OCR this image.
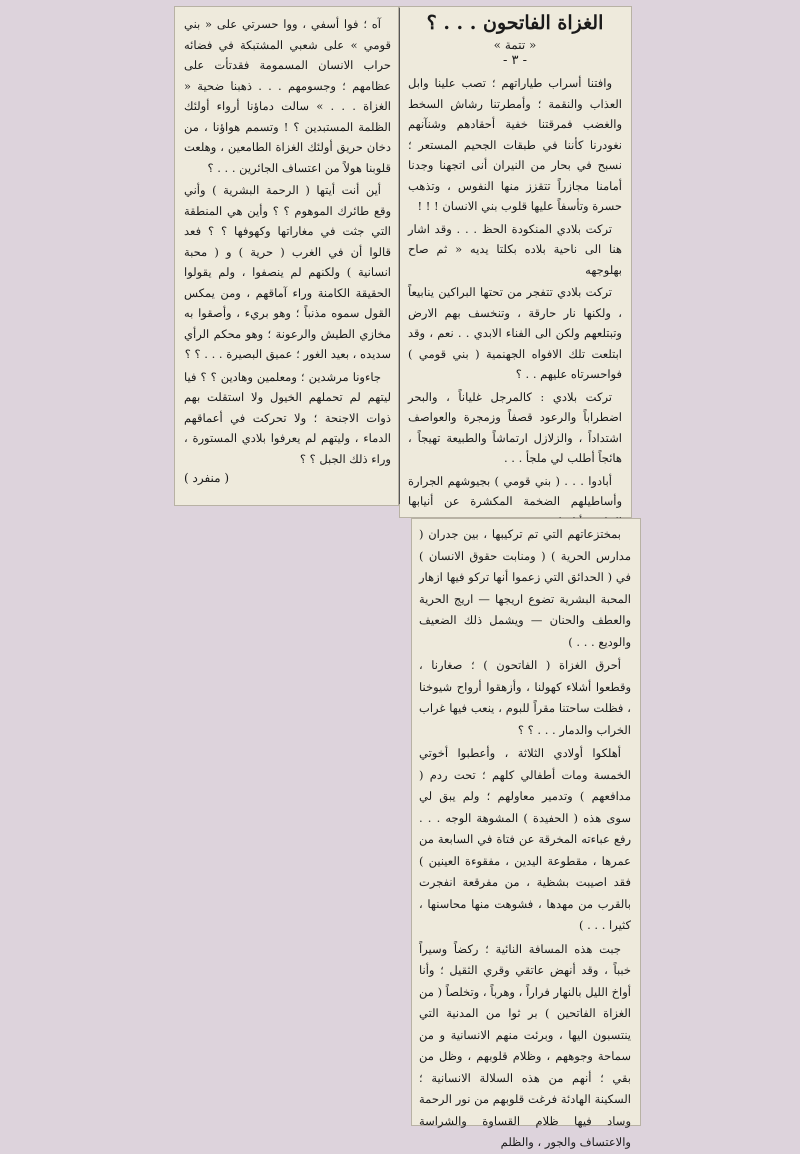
الغزاة الفاتحون . . . ؟
« تتمة »
- ٣ -

وافتنا أسراب طياراتهم ؛ تصب علينا وابل العذاب والنقمة ؛ وأمطرتنا رشاش السخط والغضب فمرقتنا خفية أحقادهم وشنآنهم نغودرنا كأننا في طبقات الجحيم المستعر ؛ نسبح في بحار من النيران أنى اتجهنا وجدنا أمامنا مجازراً تتقزز منها النفوس ، وتذهب حسرة وتأسفاً عليها قلوب بني الانسان ! ! !

تركت بلادي المنكودة الحظ . . . وقد اشار هنا الى ناحية بلاده بكلتا يديه « ثم صاح بهلوجهه

تركت بلادي تتفجر من تحتها البراكين ينابيعاً ، ولكنها نار حارقة ، وتنخسف بهم الارض وتبتلعهم ولكن الى الفناء الابدي . . نعم ، وقد ابتلعت تلك الافواه الجهنمية ( بني قومي ) فواحسرتاه عليهم . . ؟

تركت بلادي : كالمرجل غلياناً ، والبحر اضطراباً والرعود قصفاً وزمجرة والعواصف اشتداداً ، والزلازل ارتماشاً والطبيعة تهيجاً ، هائجاً أطلب لي ملجأ . . .

أبادوا . . . ( بني قومي ) بجيوشهم الجرارة وأساطيلهم الضخمة المكشرة عن أنيابها

آه ؛ فوا أسفي ، ووا حسرتي على « بني قومي » على شعبي المشتبكة في فضائه حراب الانسان المسمومة فقدتأت على عظامهم ؛ وجسومهم . . . ذهبنا ضحية « الغزاة . . . » سالت دماؤنا أرواء أولئك الظلمة المستبدين ؟ ! وتسمم هواؤنا ، من دخان حريق أولئك الغزاة الطامعين ، وهلعت قلوبنا هولاً من اعتساف الجائرين . . . ؟

أين أنت أيتها ( الرحمة البشرية ) وأني وقع طائرك الموهوم ؟ ؟ وأين هي المنطقة التي جثت في مغاراتها وكهوفها ؟ ؟ فعد قالوا أن في الغرب ( حرية ) و ( محبة انسانية ) ولكنهم لم ينصفوا ، ولم يقولوا الحقيقة الكامنة وراء آماقهم ، ومن يمكس القول سموه مذنباً ؛ وهو بريء ، وأصقوا به مخازي الطيش والرعونة ؛ وهو محكم الرأي سديده ، بعيد الغور ؛ عميق البصيرة . . . ؟ ؟

جاءونا مرشدين ؛ ومعلمين وهادين ؟ ؟ فيا ليتهم لم تحملهم الخيول ولا استقلت بهم ذوات الاجنحة ؛ ولا تحركت في أعماقهم الدماء ، وليتهم لم يعرفوا بلادي المستورة ، وراء ذلك الجبل ؟ ؟

( منفرد )

بمختزعاتهم التي تم تركيبها ، بين جدران ( مدارس الحرية ) ( ومنابت حقوق الانسان ) في ( الحدائق التي زعموا أنها تركو فيها ازهار المحبة البشرية تضوع اريجها — اريج الحرية والعطف والحنان — ويشمل ذلك الضعيف والوديع . . . )

أحرق الغزاة ( الفاتحون ) ؛ صغارنا ، وقطعوا أشلاء كهولنا ، وأزهقوا أرواح شيوخنا ، فظلت ساحتنا مقراً للبوم ، ينعب فيها غراب الخراب والدمار . . . ؟ ؟

أهلكوا أولادي الثلاثة ، وأعطبوا أخوتي الخمسة ومات أطفالي كلهم ؛ تحت ردم ( مدافعهم ) وتدمير معاولهم ؛ ولم يبق لي سوى هذه ( الحفيدة ) المشوهة الوجه . . . رفع عباءته المخرقة عن فتاة في السابعة من عمرها ، مقطوعة اليدين ، مفقوءة العينين ) فقد اصيبت بشظية ، من مفرقعة انفجرت بالقرب من مهدها ، فشوهت منها محاسنها ، كثيرا . . . )

جبت هذه المسافة النائية ؛ ركضاً وسيراً خبباً ، وقد أنهض عاتقي وقري الثقيل ؛ وأنا أواخ الليل بالنهار فراراً ، وهرباً ، وتخلصاً ( من الغزاة الفاتحين ) بر ثوا من المدنية التي ينتسبون اليها ، وبرئت منهم الانسانية و من سماحة وجوههم ، وظلام قلوبهم ، وظل من بقي ؛ أنهم من هذه السلالة الانسانية ؛ السكينة الهادئة فرغت قلوبهم من نور الرحمة وساد فيها ظلام القساوة والشراسة والاعتساف والجور ، والظلم
